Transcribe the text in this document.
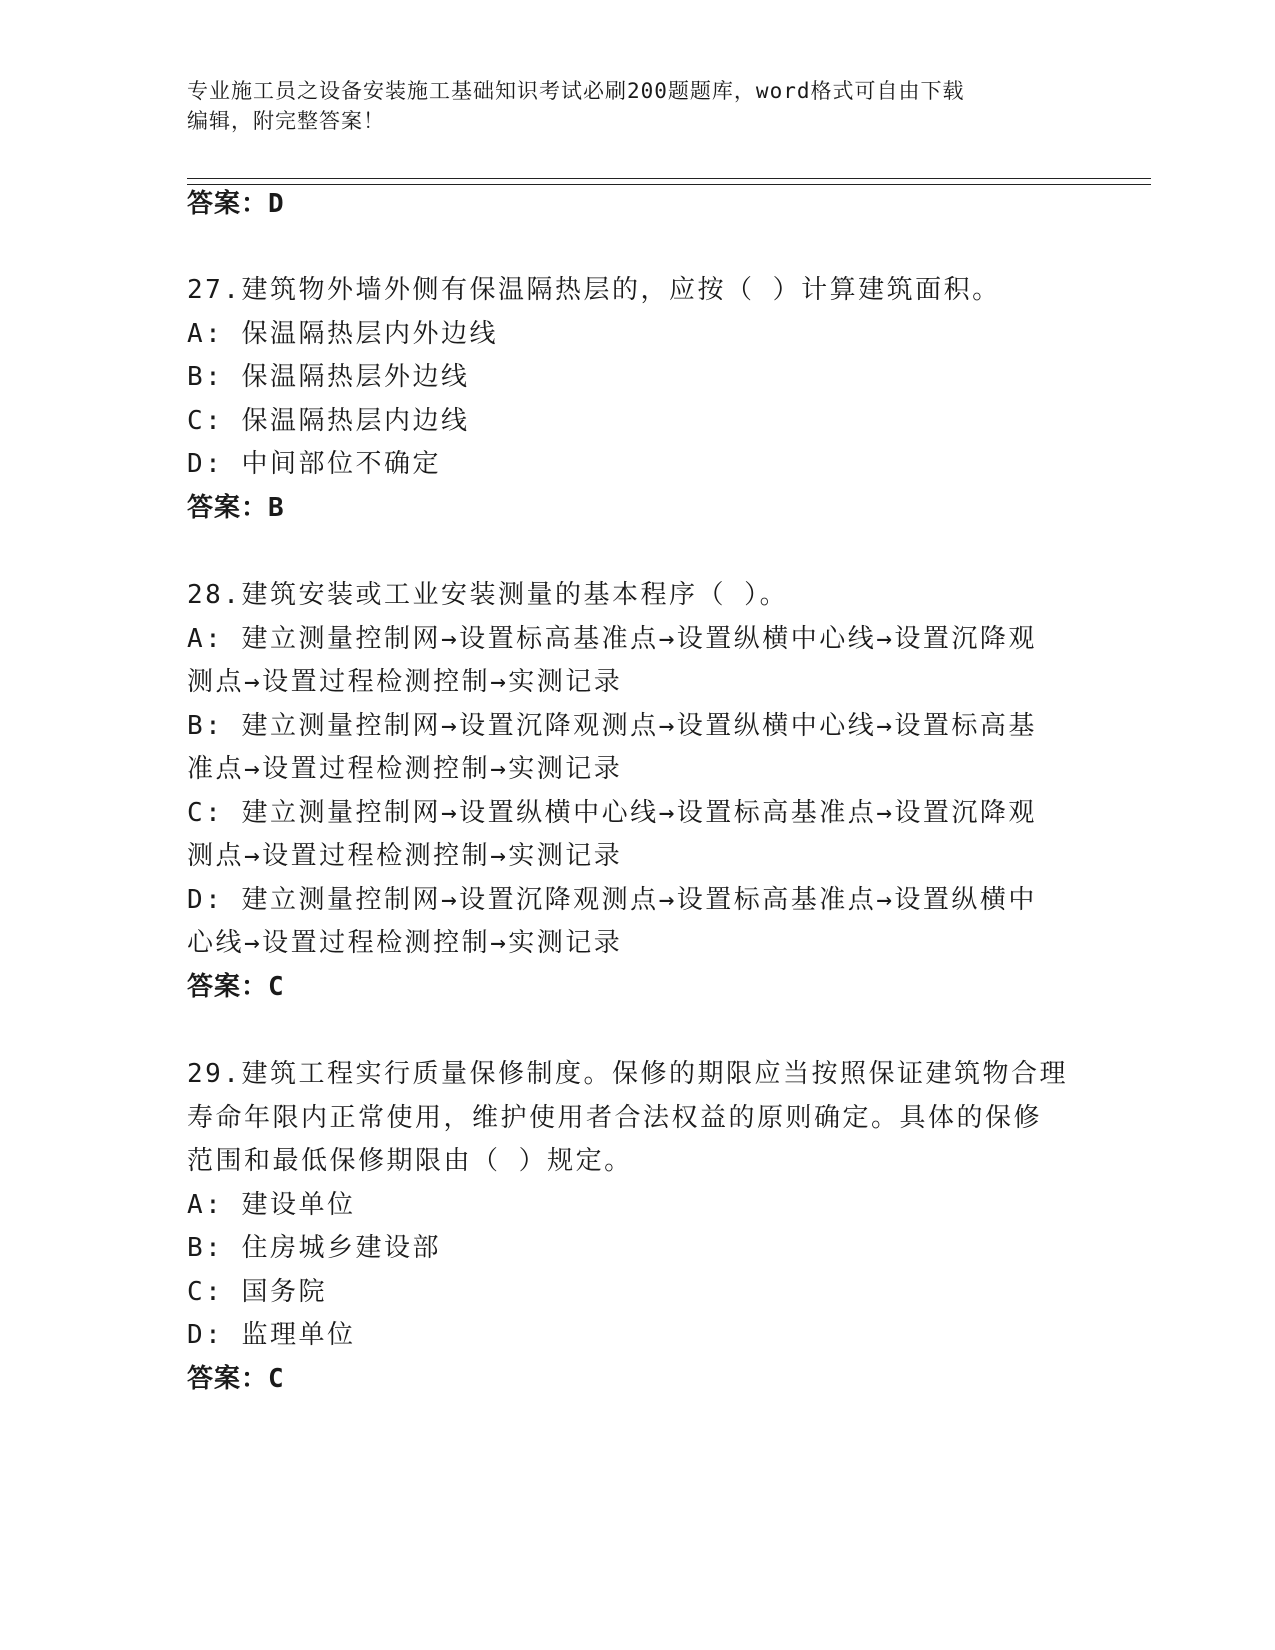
专业施工员之设备安装施工基础知识考试必刷200题题库，word格式可自由下载
编辑，附完整答案！
答案：D
27.建筑物外墙外侧有保温隔热层的，应按（ ）计算建筑面积。
A: 保温隔热层内外边线
B: 保温隔热层外边线
C: 保温隔热层内边线
D: 中间部位不确定
答案：B
28.建筑安装或工业安装测量的基本程序（ ）。
A: 建立测量控制网→设置标高基准点→设置纵横中心线→设置沉降观
测点→设置过程检测控制→实测记录
B: 建立测量控制网→设置沉降观测点→设置纵横中心线→设置标高基
准点→设置过程检测控制→实测记录
C: 建立测量控制网→设置纵横中心线→设置标高基准点→设置沉降观
测点→设置过程检测控制→实测记录
D: 建立测量控制网→设置沉降观测点→设置标高基准点→设置纵横中
心线→设置过程检测控制→实测记录
答案：C
29.建筑工程实行质量保修制度。保修的期限应当按照保证建筑物合理
寿命年限内正常使用，维护使用者合法权益的原则确定。具体的保修
范围和最低保修期限由（ ）规定。
A: 建设单位
B: 住房城乡建设部
C: 国务院
D: 监理单位
答案：C
